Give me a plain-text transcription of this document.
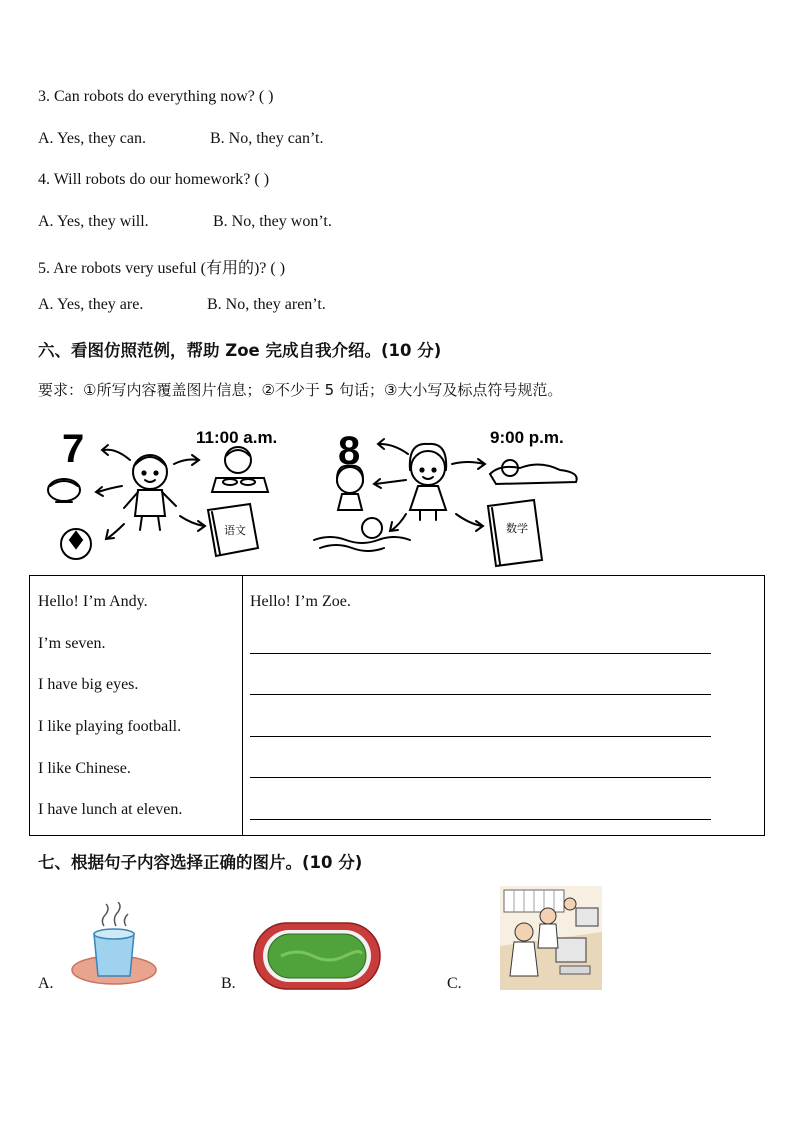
3. Can robots do everything now? ( )
A. Yes, they can.	B. No, they can’t.
4. Will robots do our homework? ( )
A. Yes, they will.	B. No, they won’t.
5. Are robots very useful (有用的)? ( )
A. Yes, they are.	B. No, they aren’t.
六、看图仿照范例，帮助 Zoe 完成自我介绍。(10 分)
要求：①所写内容覆盖图片信息；②不少于 5 句话；③大小写及标点符号规范。
7	11:00 a.m.
语文
8	9:00 p.m.
数学

Hello! I’m Andy.
I’m seven.
I have big eyes.
I like playing football.
I like Chinese.
I have lunch at eleven.
Hello! I’m Zoe.
七、根据句子内容选择正确的图片。(10 分)
A.	B.	C.
